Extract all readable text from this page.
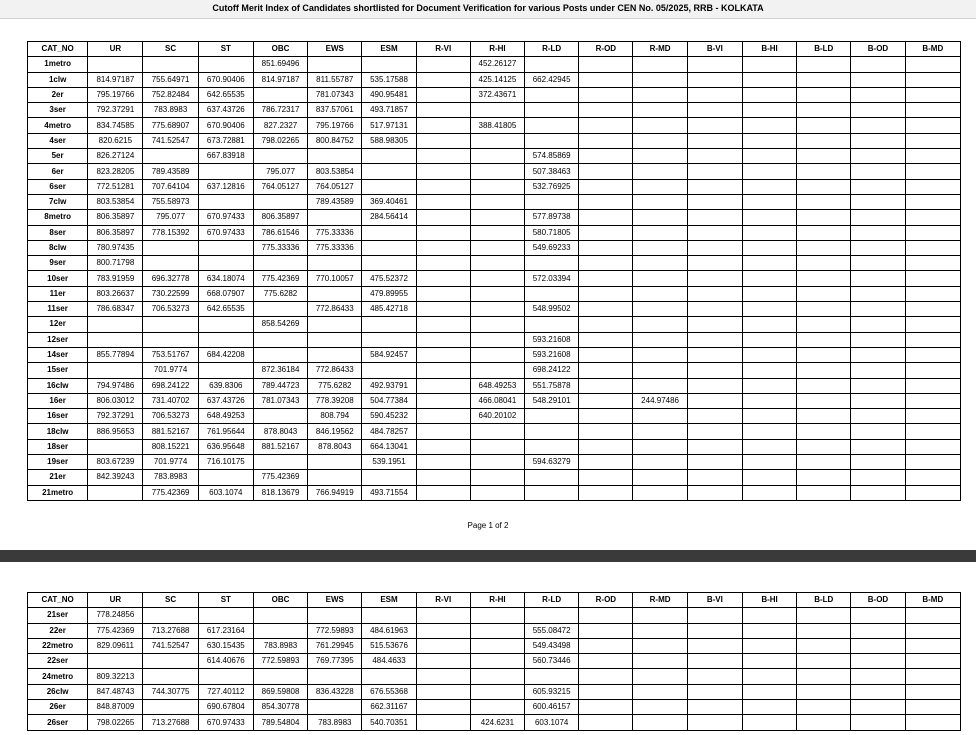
Cutoff Merit Index of Candidates shortlisted for Document Verification for various Posts under CEN No. 05/2025, RRB - KOLKATA
CAT_NO	UR	SC	ST	OBC	EWS	ESM	R-VI	R-HI	R-LD	R-OD	R-MD	B-VI	B-HI	B-LD	B-OD	B-MD
1metro				851.69496				452.26127								
1clw	814.97187	755.64971	670.90406	814.97187	811.55787	535.17588		425.14125	662.42945							
2er	795.19766	752.82484	642.65535		781.07343	490.95481		372.43671								
3ser	792.37291	783.8983	637.43726	786.72317	837.57061	493.71857										
4metro	834.74585	775.68907	670.90406	827.2327	795.19766	517.97131		388.41805								
4ser	820.6215	741.52547	673.72881	798.02265	800.84752	588.98305										
5er	826.27124		667.83918						574.85869							
6er	823.28205	789.43589		795.077	803.53854				507.38463							
6ser	772.51281	707.64104	637.12816	764.05127	764.05127				532.76925							
7clw	803.53854	755.58973			789.43589	369.40461										
8metro	806.35897	795.077	670.97433	806.35897		284.56414			577.89738							
8ser	806.35897	778.15392	670.97433	786.61546	775.33336				580.71805							
8clw	780.97435			775.33336	775.33336				549.69233							
9ser	800.71798															
10ser	783.91959	696.32778	634.18074	775.42369	770.10057	475.52372			572.03394							
11er	803.26637	730.22599	668.07907	775.6282		479.89955										
11ser	786.68347	706.53273	642.65535		772.86433	485.42718			548.99502							
12er				858.54269												
12ser									593.21608							
14ser	855.77894	753.51767	684.42208			584.92457			593.21608							
15ser		701.9774		872.36184	772.86433				698.24122							
16clw	794.97486	698.24122	639.8306	789.44723	775.6282	492.93791		648.49253	551.75878							
16er	806.03012	731.40702	637.43726	781.07343	778.39208	504.77384		466.08041	548.29101		244.97486					
16ser	792.37291	706.53273	648.49253		808.794	590.45232		640.20102								
18clw	886.95653	881.52167	761.95644	878.8043	846.19562	484.78257										
18ser		808.15221	636.95648	881.52167	878.8043	664.13041										
19ser	803.67239	701.9774	716.10175			539.1951			594.63279							
21er	842.39243	783.8983		775.42369												
21metro		775.42369	603.1074	818.13679	766.94919	493.71554										
Page 1 of 2
CAT_NO	UR	SC	ST	OBC	EWS	ESM	R-VI	R-HI	R-LD	R-OD	R-MD	B-VI	B-HI	B-LD	B-OD	B-MD
21ser	778.24856															
22er	775.42369	713.27688	617.23164		772.59893	484.61963			555.08472							
22metro	829.09611	741.52547	630.15435	783.8983	761.29945	515.53676			549.43498							
22ser			614.40676	772.59893	769.77395	484.4633			560.73446							
24metro	809.32213															
26clw	847.48743	744.30775	727.40112	869.59808	836.43228	676.55368			605.93215							
26er	848.87009		690.67804	854.30778		662.31167			600.46157							
26ser	798.02265	713.27688	670.97433	789.54804	783.8983	540.70351		424.6231	603.1074							
